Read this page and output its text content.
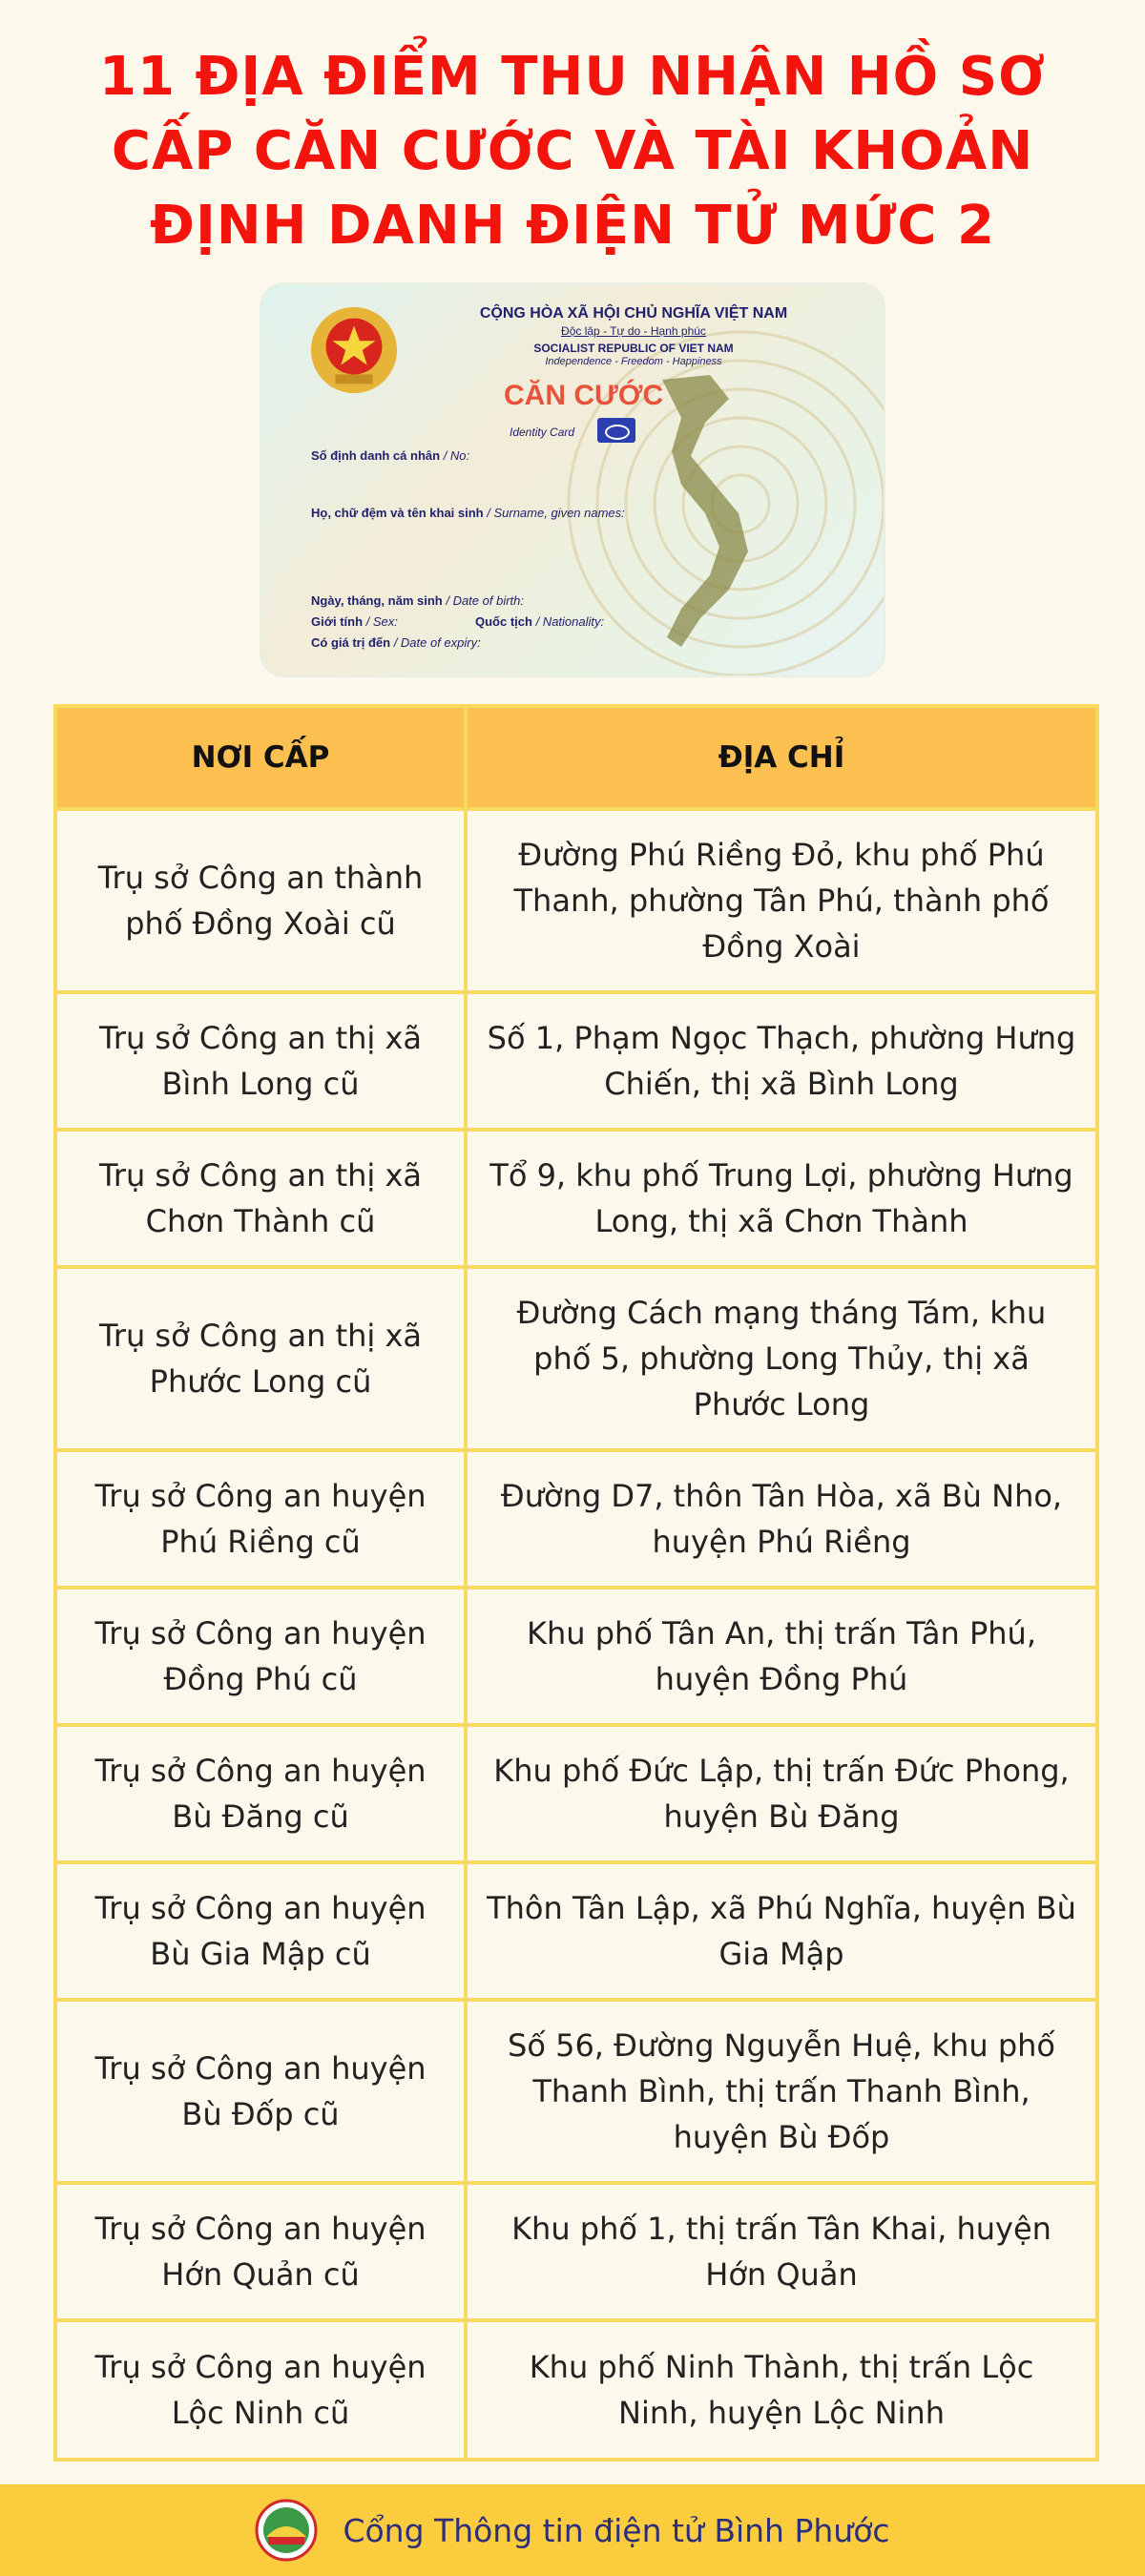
11 ĐỊA ĐIỂM THU NHẬN HỒ SƠ
CẤP CĂN CƯỚC VÀ TÀI KHOẢN
ĐỊNH DANH ĐIỆN TỬ MỨC 2
CỘNG HÒA XÃ HỘI CHỦ NGHĨA VIỆT NAM
Độc lập - Tự do - Hạnh phúc
SOCIALIST REPUBLIC OF VIET NAM
Independence - Freedom - Happiness
CĂN CƯỚC
Identity Card
Số định danh cá nhân / No:
Họ, chữ đệm và tên khai sinh / Surname, given names:
Ngày, tháng, năm sinh / Date of birth:
Giới tính / Sex:	Quốc tịch / Nationality:
Có giá trị đến / Date of expiry:
NƠI CẤP	ĐỊA CHỈ
Trụ sở Công an thành phố Đồng Xoài cũ
Đường Phú Riềng Đỏ, khu phố Phú Thanh, phường Tân Phú, thành phố Đồng Xoài
Trụ sở Công an thị xã Bình Long cũ
Số 1, Phạm Ngọc Thạch, phường Hưng Chiến, thị xã Bình Long
Trụ sở Công an thị xã Chơn Thành cũ
Tổ 9, khu phố Trung Lợi, phường Hưng Long, thị xã Chơn Thành
Trụ sở Công an thị xã Phước Long cũ
Đường Cách mạng tháng Tám, khu phố 5, phường Long Thủy, thị xã Phước Long
Trụ sở Công an huyện Phú Riềng cũ
Đường D7, thôn Tân Hòa, xã Bù Nho, huyện Phú Riềng
Trụ sở Công an huyện Đồng Phú cũ
Khu phố Tân An, thị trấn Tân Phú, huyện Đồng Phú
Trụ sở Công an huyện Bù Đăng cũ
Khu phố Đức Lập, thị trấn Đức Phong, huyện Bù Đăng
Trụ sở Công an huyện Bù Gia Mập cũ
Thôn Tân Lập, xã Phú Nghĩa, huyện Bù Gia Mập
Trụ sở Công an huyện Bù Đốp cũ
Số 56, Đường Nguyễn Huệ, khu phố Thanh Bình, thị trấn Thanh Bình, huyện Bù Đốp
Trụ sở Công an huyện Hớn Quản cũ
Khu phố 1, thị trấn Tân Khai, huyện Hớn Quản
Trụ sở Công an huyện Lộc Ninh cũ
Khu phố Ninh Thành, thị trấn Lộc Ninh, huyện Lộc Ninh
Cổng Thông tin điện tử Bình Phước
